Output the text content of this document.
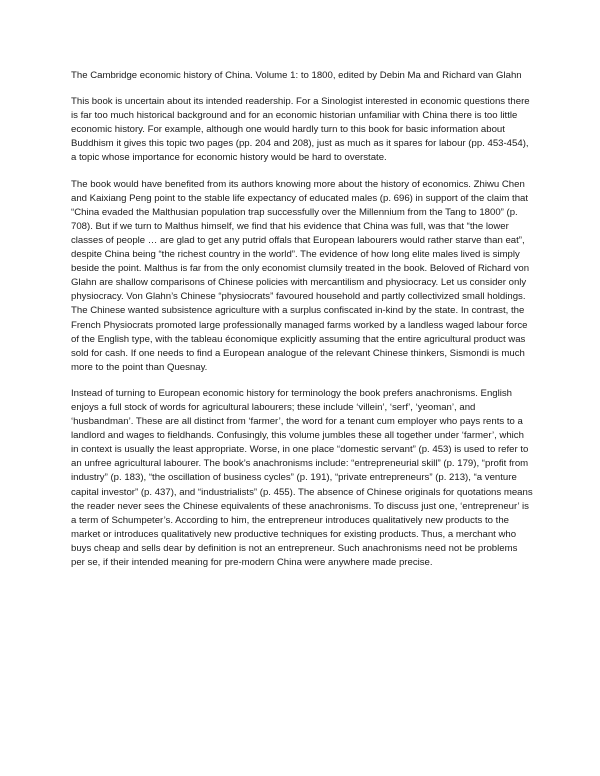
The Cambridge economic history of China. Volume 1: to 1800, edited by Debin Ma and Richard van Glahn

This book is uncertain about its intended readership. For a Sinologist interested in economic questions there is far too much historical background and for an economic historian unfamiliar with China there is too little economic history. For example, although one would hardly turn to this book for basic information about Buddhism it gives this topic two pages (pp. 204 and 208), just as much as it spares for labour (pp. 453-454), a topic whose importance for economic history would be hard to overstate.

The book would have benefited from its authors knowing more about the history of economics. Zhiwu Chen and Kaixiang Peng point to the stable life expectancy of educated males (p. 696) in support of the claim that “China evaded the Malthusian population trap successfully over the Millennium from the Tang to 1800” (p. 708). But if we turn to Malthus himself, we find that his evidence that China was full, was that “the lower classes of people … are glad to get any putrid offals that European labourers would rather starve than eat”, despite China being “the richest country in the world”. The evidence of how long elite males lived is simply beside the point. Malthus is far from the only economist clumsily treated in the book. Beloved of Richard von Glahn are shallow comparisons of Chinese policies with mercantilism and physiocracy. Let us consider only physiocracy. Von Glahn’s Chinese “physiocrats” favoured household and partly collectivized small holdings. The Chinese wanted subsistence agriculture with a surplus confiscated in-kind by the state. In contrast, the French Physiocrats promoted large professionally managed farms worked by a landless waged labour force of the English type, with the tableau économique explicitly assuming that the entire agricultural product was sold for cash. If one needs to find a European analogue of the relevant Chinese thinkers, Sismondi is much more to the point than Quesnay.

Instead of turning to European economic history for terminology the book prefers anachronisms. English enjoys a full stock of words for agricultural labourers; these include ‘villein’, ‘serf’, ‘yeoman’, and ‘husbandman’. These are all distinct from ‘farmer’, the word for a tenant cum employer who pays rents to a landlord and wages to fieldhands. Confusingly, this volume jumbles these all together under ‘farmer’, which in context is usually the least appropriate. Worse, in one place “domestic servant” (p. 453) is used to refer to an unfree agricultural labourer. The book’s anachronisms include: “entrepreneurial skill” (p. 179), “profit from industry” (p. 183), “the oscillation of business cycles” (p. 191), “private entrepreneurs” (p. 213), “a venture capital investor” (p. 437), and “industrialists” (p. 455). The absence of Chinese originals for quotations means the reader never sees the Chinese equivalents of these anachronisms. To discuss just one, ‘entrepreneur’ is a term of Schumpeter’s. According to him, the entrepreneur introduces qualitatively new products to the market or introduces qualitatively new productive techniques for existing products. Thus, a merchant who buys cheap and sells dear by definition is not an entrepreneur. Such anachronisms need not be problems per se, if their intended meaning for pre-modern China were anywhere made precise.
